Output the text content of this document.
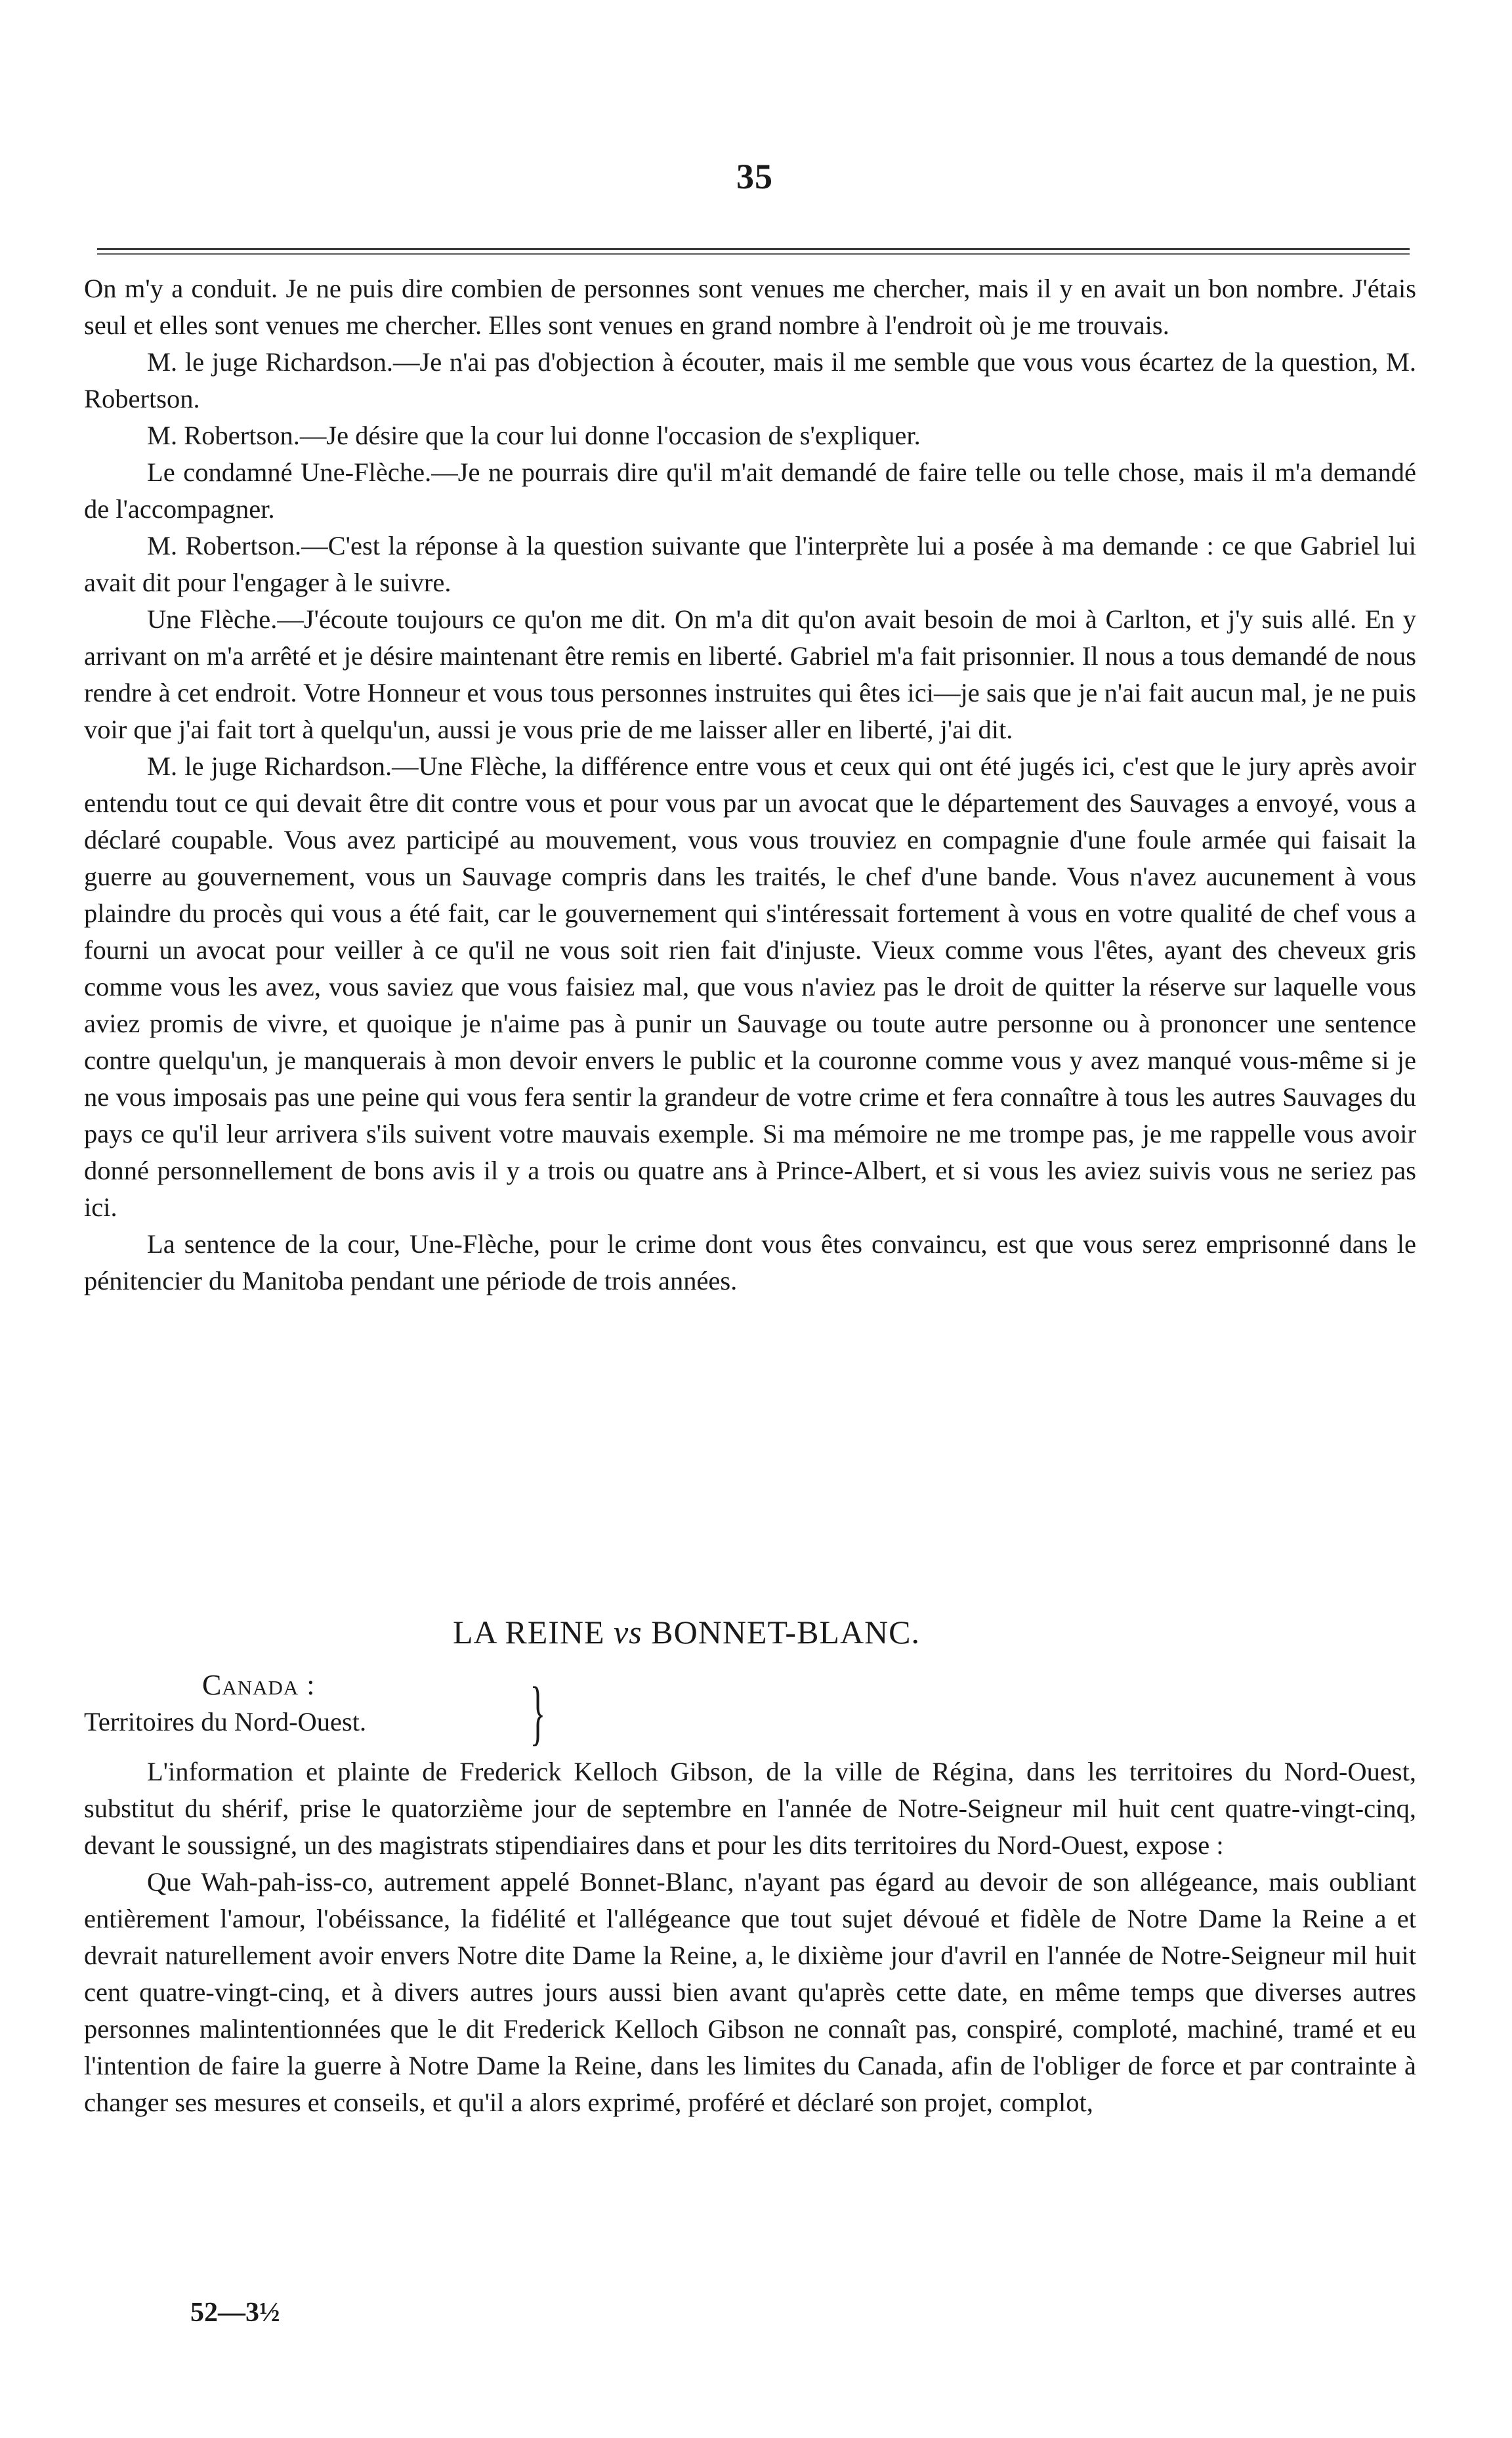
35

On m'y a conduit. Je ne puis dire combien de personnes sont venues me chercher, mais il y en avait un bon nombre. J'étais seul et elles sont venues me chercher. Elles sont venues en grand nombre à l'endroit où je me trouvais.

M. le juge Richardson.—Je n'ai pas d'objection à écouter, mais il me semble que vous vous écartez de la question, M. Robertson.

M. Robertson.—Je désire que la cour lui donne l'occasion de s'expliquer.

Le condamné Une-Flèche.—Je ne pourrais dire qu'il m'ait demandé de faire telle ou telle chose, mais il m'a demandé de l'accompagner.

M. Robertson.—C'est la réponse à la question suivante que l'interprète lui a posée à ma demande : ce que Gabriel lui avait dit pour l'engager à le suivre.

Une Flèche.—J'écoute toujours ce qu'on me dit. On m'a dit qu'on avait besoin de moi à Carlton, et j'y suis allé. En y arrivant on m'a arrêté et je désire maintenant être remis en liberté. Gabriel m'a fait prisonnier. Il nous a tous demandé de nous rendre à cet endroit. Votre Honneur et vous tous personnes instruites qui êtes ici—je sais que je n'ai fait aucun mal, je ne puis voir que j'ai fait tort à quelqu'un, aussi je vous prie de me laisser aller en liberté, j'ai dit.

M. le juge Richardson.—Une Flèche, la différence entre vous et ceux qui ont été jugés ici, c'est que le jury après avoir entendu tout ce qui devait être dit contre vous et pour vous par un avocat que le département des Sauvages a envoyé, vous a déclaré coupable. Vous avez participé au mouvement, vous vous trouviez en compagnie d'une foule armée qui faisait la guerre au gouvernement, vous un Sauvage compris dans les traités, le chef d'une bande. Vous n'avez aucunement à vous plaindre du procès qui vous a été fait, car le gouvernement qui s'intéressait fortement à vous en votre qualité de chef vous a fourni un avocat pour veiller à ce qu'il ne vous soit rien fait d'injuste. Vieux comme vous l'êtes, ayant des cheveux gris comme vous les avez, vous saviez que vous faisiez mal, que vous n'aviez pas le droit de quitter la réserve sur laquelle vous aviez promis de vivre, et quoique je n'aime pas à punir un Sauvage ou toute autre personne ou à prononcer une sentence contre quelqu'un, je manquerais à mon devoir envers le public et la couronne comme vous y avez manqué vous-même si je ne vous imposais pas une peine qui vous fera sentir la grandeur de votre crime et fera connaître à tous les autres Sauvages du pays ce qu'il leur arrivera s'ils suivent votre mauvais exemple. Si ma mémoire ne me trompe pas, je me rappelle vous avoir donné personnellement de bons avis il y a trois ou quatre ans à Prince-Albert, et si vous les aviez suivis vous ne seriez pas ici.

La sentence de la cour, Une-Flèche, pour le crime dont vous êtes convaincu, est que vous serez emprisonné dans le pénitencier du Manitoba pendant une période de trois années.

LA REINE vs BONNET-BLANC.
Canada :
Territoires du Nord-Ouest.	}

L'information et plainte de Frederick Kelloch Gibson, de la ville de Régina, dans les territoires du Nord-Ouest, substitut du shérif, prise le quatorzième jour de septembre en l'année de Notre-Seigneur mil huit cent quatre-vingt-cinq, devant le soussigné, un des magistrats stipendiaires dans et pour les dits territoires du Nord-Ouest, expose :

Que Wah-pah-iss-co, autrement appelé Bonnet-Blanc, n'ayant pas égard au devoir de son allégeance, mais oubliant entièrement l'amour, l'obéissance, la fidélité et l'allégeance que tout sujet dévoué et fidèle de Notre Dame la Reine a et devrait naturellement avoir envers Notre dite Dame la Reine, a, le dixième jour d'avril en l'année de Notre-Seigneur mil huit cent quatre-vingt-cinq, et à divers autres jours aussi bien avant qu'après cette date, en même temps que diverses autres personnes malintentionnées que le dit Frederick Kelloch Gibson ne connaît pas, conspiré, comploté, machiné, tramé et eu l'intention de faire la guerre à Notre Dame la Reine, dans les limites du Canada, afin de l'obliger de force et par contrainte à changer ses mesures et conseils, et qu'il a alors exprimé, proféré et déclaré son projet, complot,

52—3½
